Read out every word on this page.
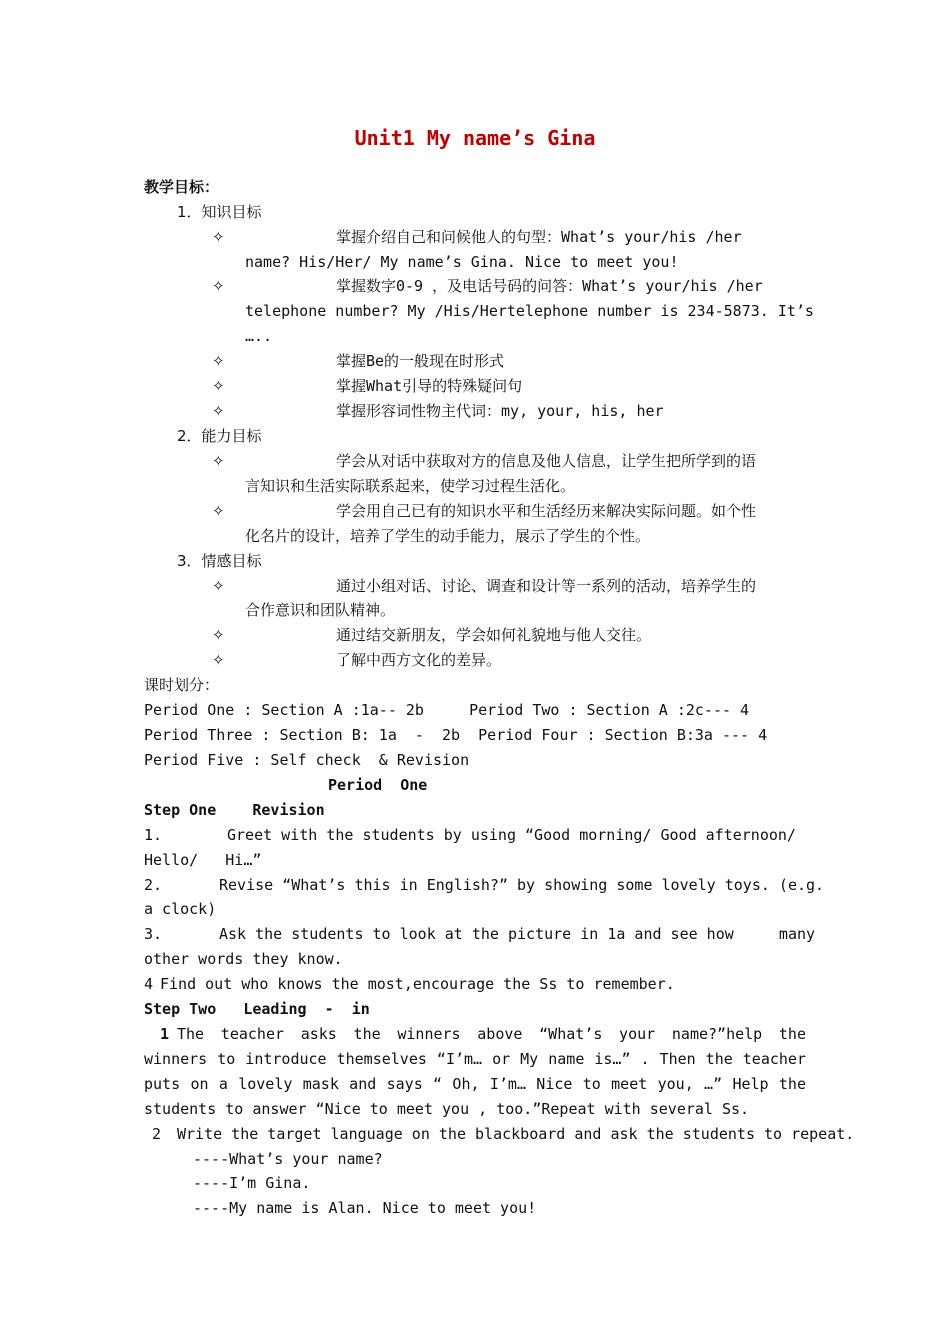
Unit1 My name’s Gina
教学目标：
1．知识目标
✧	掌握介绍自己和问候他人的句型：What’s your/his /her
name? His/Her/ My name’s Gina. Nice to meet you!
✧	掌握数字0-9 ，及电话号码的问答：What’s your/his /her
telephone number? My /His/Hertelephone number is 234-5873. It’s
…..
✧	掌握Be的一般现在时形式
✧	掌握What引导的特殊疑问句
✧	掌握形容词性物主代词：my, your, his, her
2．能力目标
✧	学会从对话中获取对方的信息及他人信息，让学生把所学到的语
言知识和生活实际联系起来，使学习过程生活化。
✧	学会用自己已有的知识水平和生活经历来解决实际问题。如个性
化名片的设计，培养了学生的动手能力，展示了学生的个性。
3．情感目标
✧	通过小组对话、讨论、调查和设计等一系列的活动，培养学生的
合作意识和团队精神。
✧	通过结交新朋友，学会如何礼貌地与他人交往。
✧	了解中西方文化的差异。
课时划分：
Period One : Section A :1a-- 2b     Period Two : Section A :2c--- 4
Period Three : Section B: 1a  -  2b  Period Four : Section B:3a --- 4
Period Five : Self check  & Revision
Period  One
Step One    Revision
1.	Greet with the students by using “Good morning/ Good afternoon/
Hello/   Hi…”
2.	Revise “What’s this in English?” by showing some lovely toys. (e.g.
a clock)
3.	Ask the students to look at the picture in 1a and see how     many
other words they know.
4 Find out who knows the most,encourage the Ss to remember.
Step Two   Leading  -  in
1 The teacher asks the winners above “What’s your name?”help the winners to introduce themselves “I’m… or My name is…” . Then the teacher puts on a lovely mask and says “ Oh, I’m… Nice to meet you, …” Help the students to answer “Nice to meet you , too.”Repeat with several Ss.
2 Write the target language on the blackboard and ask the students to repeat.
----What’s your name?
----I’m Gina.
----My name is Alan. Nice to meet you!
